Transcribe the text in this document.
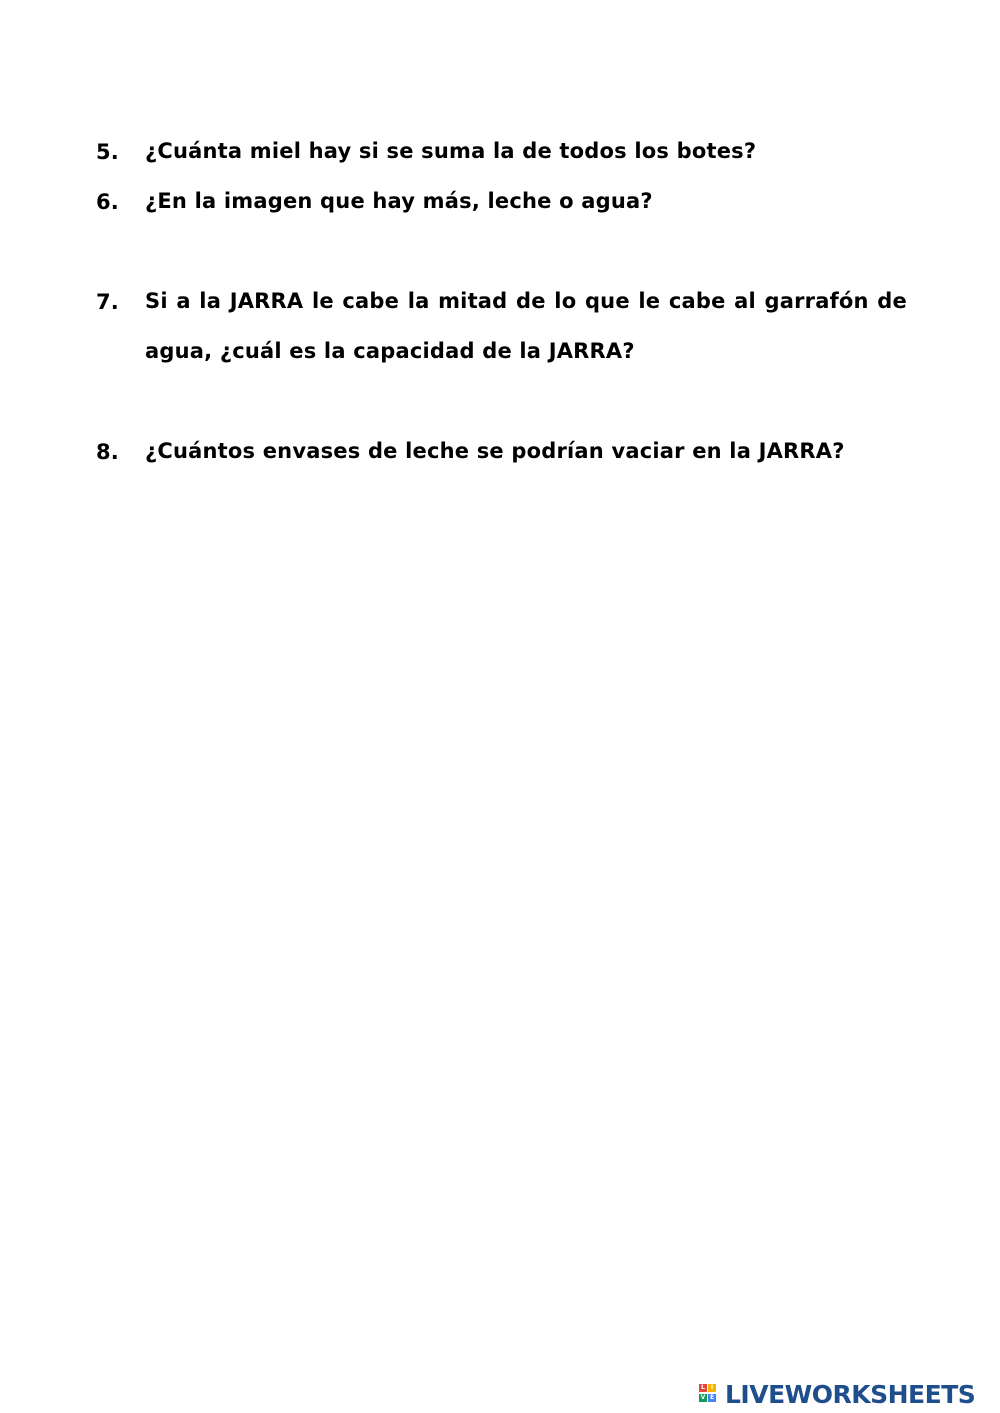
5. ¿Cuánta miel hay si se suma la de todos los botes?
6. ¿En la imagen que hay más, leche o agua?
7. Si a la JARRA le cabe la mitad de lo que le cabe al garrafón de agua, ¿cuál es la capacidad de la JARRA?
8. ¿Cuántos envases de leche se podrían vaciar en la JARRA?
L I
V E LIVEWORKSHEETS
